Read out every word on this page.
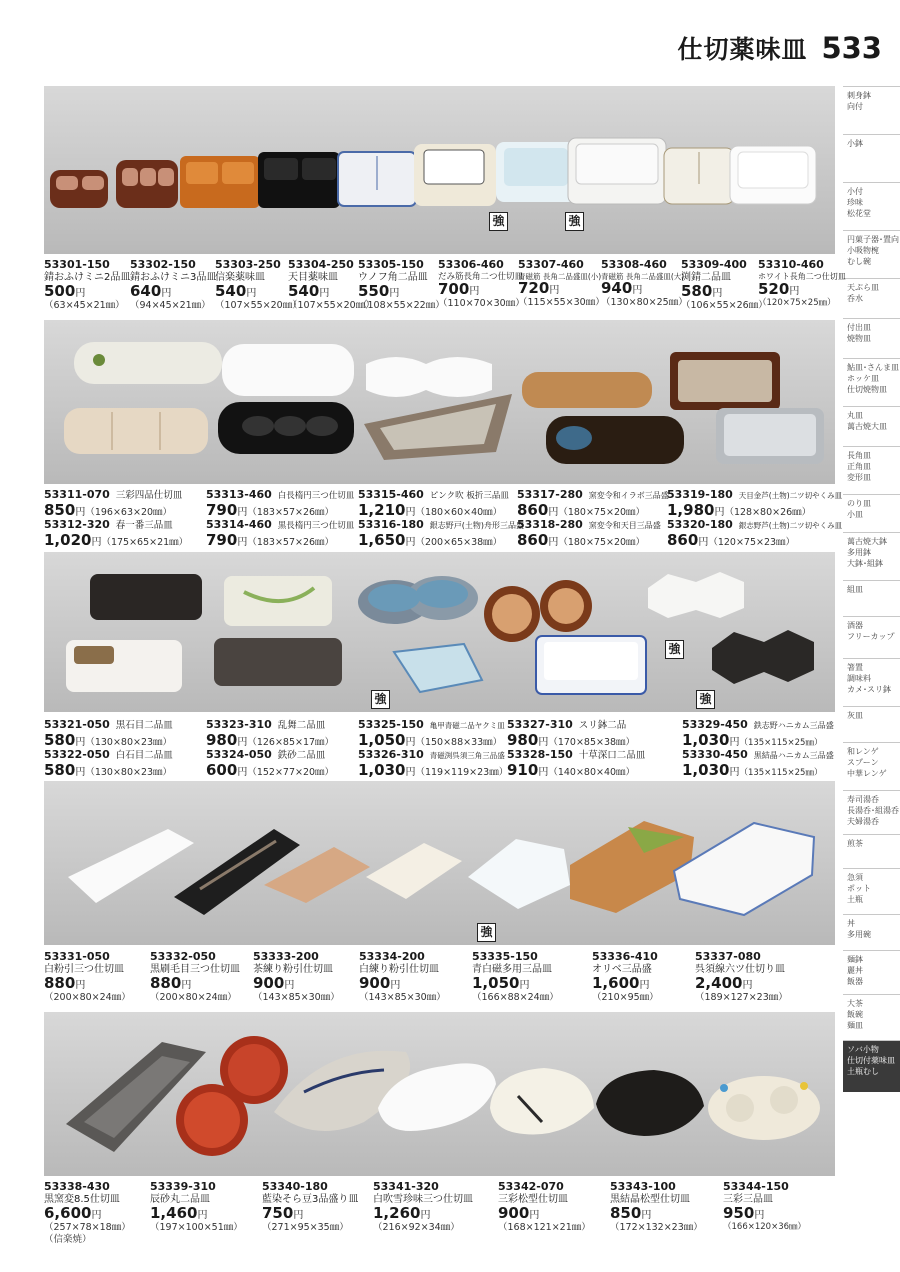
仕切薬味皿 533
刺身鉢
向付
小鉢
小付
珍味
松花堂
円菓子器･置向
小吸物椀
むし碗
天ぷら皿
呑水
付出皿
焼物皿
鮎皿･さんま皿
ホッケ皿
仕切焼物皿
丸皿
萬古焼大皿
長角皿
正角皿
変形皿
のり皿
小皿
萬古焼大鉢
多用鉢
大鉢･組鉢
組皿
酒器
フリーカップ
箸置
調味料
カメ･スリ鉢
灰皿
和レンゲ
スプーン
中華レンゲ
寿司湯呑
長湯呑･組湯呑
夫婦湯呑
煎茶
急須
ポット
土瓶
丼
多用碗
麺鉢
麗丼
飯器
大茶
飯碗
麺皿
ソバ小物
仕切付薬味皿
土瓶むし
強	強
53301-150
錆おふけミニ2品皿
500円
（63×45×21㎜）
53302-150
錆おふけミニ3品皿
640円
（94×45×21㎜）
53303-250
信楽薬味皿
540円
（107×55×20㎜）
53304-250
天目薬味皿
540円
（107×55×20㎜）
53305-150
ウノフ角二品皿
550円
（108×55×22㎜）
53306-460
だみ筋長角二つ仕切皿
700円
（110×70×30㎜）
53307-460
青磁筋 長角二品盛皿(小)
720円
（115×55×30㎜）
53308-460
青磁筋 長角二品盛皿(大)
940円
（130×80×25㎜）
53309-400
渕錆二品皿
580円
（106×55×26㎜）
53310-460
ホワイト長角二つ仕切皿
520円
（120×75×25㎜）
53311-070 三彩四品仕切皿
850円（196×63×20㎜）
53312-320 春一番三品皿
1,020円（175×65×21㎜）
53313-460 白長楕円三つ仕切皿
790円（183×57×26㎜）
53314-460 黒長楕円三つ仕切皿
790円（183×57×26㎜）
53315-460 ピンク吹 板折三品皿
1,210円（180×60×40㎜）
53316-180 銀志野戸(土物)舟形三品盛
1,650円（200×65×38㎜）
53317-280 窯変令和イラボ三品盛
860円（180×75×20㎜）
53318-280 窯変令和天目三品盛
860円（180×75×20㎜）
53319-180 天目金芦(土物)二ツ切やくみ皿
1,980円（128×80×26㎜）
53320-180 銀志野芦(土物)二ツ切やくみ皿
860円（120×75×23㎜）
強
強
強
53321-050 黒石目二品皿
580円（130×80×23㎜）
53322-050 白石目二品皿
580円（130×80×23㎜）
53323-310 乱舞二品皿
980円（126×85×17㎜）
53324-050 鉄砂二品皿
600円（152×77×20㎜）
53325-150 亀甲青磁二品ヤクミ皿
1,050円（150×88×33㎜）
53326-310 青磁渕呉須三角三品盛
1,030円（119×119×23㎜）
53327-310 スリ鉢二品
980円（170×85×38㎜）
53328-150 十草深口二品皿
910円（140×80×40㎜）
53329-450 鉄志野ハニカム三品盛
1,030円（135×115×25㎜）
53330-450 黒結晶ハニカム三品盛
1,030円（135×115×25㎜）
強
53331-050
白粉引三つ仕切皿
880円
（200×80×24㎜）
53332-050
黒刷毛目三つ仕切皿
880円
（200×80×24㎜）
53333-200
茶練り粉引仕切皿
900円
（143×85×30㎜）
53334-200
白練り粉引仕切皿
900円
（143×85×30㎜）
53335-150
青白磁多用三品皿
1,050円
（166×88×24㎜）
53336-410
オリベ三品盛
1,600円
（210×95㎜）
53337-080
呉須線六ツ仕切り皿
2,400円
（189×127×23㎜）
53338-430
黒窯変8.5仕切皿
6,600円
（257×78×18㎜）
（信楽焼）
53339-310
辰砂丸二品皿
1,460円
（197×100×51㎜）
53340-180
藍染そら豆3品盛り皿
750円
（271×95×35㎜）
53341-320
白吹雪珍味三つ仕切皿
1,260円
（216×92×34㎜）
53342-070
三彩松型仕切皿
900円
（168×121×21㎜）
53343-100
黒結晶松型仕切皿
850円
（172×132×23㎜）
53344-150
三彩三品皿
950円
（166×120×36㎜）
